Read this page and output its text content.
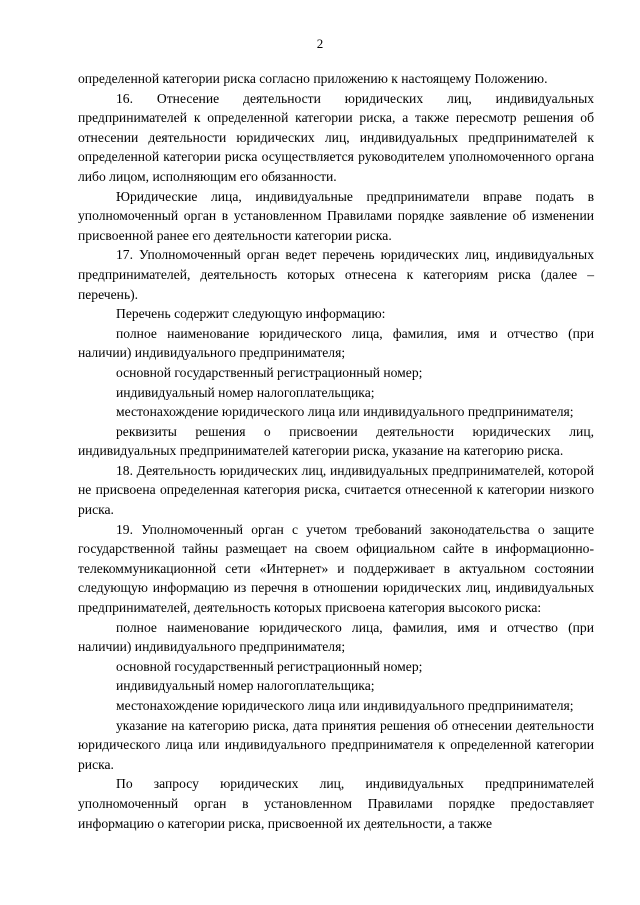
2

определенной категории риска согласно приложению к настоящему Положению.

16. Отнесение деятельности юридических лиц, индивидуальных предпринимателей к определенной категории риска, а также пересмотр решения об отнесении деятельности юридических лиц, индивидуальных предпринимателей к определенной категории риска осуществляется руководителем уполномоченного органа либо лицом, исполняющим его обязанности.

Юридические лица, индивидуальные предприниматели вправе подать в уполномоченный орган в установленном Правилами порядке заявление об изменении присвоенной ранее его деятельности категории риска.

17. Уполномоченный орган ведет перечень юридических лиц, индивидуальных предпринимателей, деятельность которых отнесена к категориям риска (далее – перечень).

Перечень содержит следующую информацию:

полное наименование юридического лица, фамилия, имя и отчество (при наличии) индивидуального предпринимателя;

основной государственный регистрационный номер;

индивидуальный номер налогоплательщика;

местонахождение юридического лица или индивидуального предпринимателя;

реквизиты решения о присвоении деятельности юридических лиц, индивидуальных предпринимателей категории риска, указание на категорию риска.

18. Деятельность юридических лиц, индивидуальных предпринимателей, которой не присвоена определенная категория риска, считается отнесенной к категории низкого риска.

19. Уполномоченный орган с учетом требований законодательства о защите государственной тайны размещает на своем официальном сайте в информационно-телекоммуникационной сети «Интернет» и поддерживает в актуальном состоянии следующую информацию из перечня в отношении юридических лиц, индивидуальных предпринимателей, деятельность которых присвоена категория высокого риска:

полное наименование юридического лица, фамилия, имя и отчество (при наличии) индивидуального предпринимателя;

основной государственный регистрационный номер;

индивидуальный номер налогоплательщика;

местонахождение юридического лица или индивидуального предпринимателя;

указание на категорию риска, дата принятия решения об отнесении деятельности юридического лица или индивидуального предпринимателя к определенной категории риска.

По запросу юридических лиц, индивидуальных предпринимателей уполномоченный орган в установленном Правилами порядке предоставляет информацию о категории риска, присвоенной их деятельности, а также
